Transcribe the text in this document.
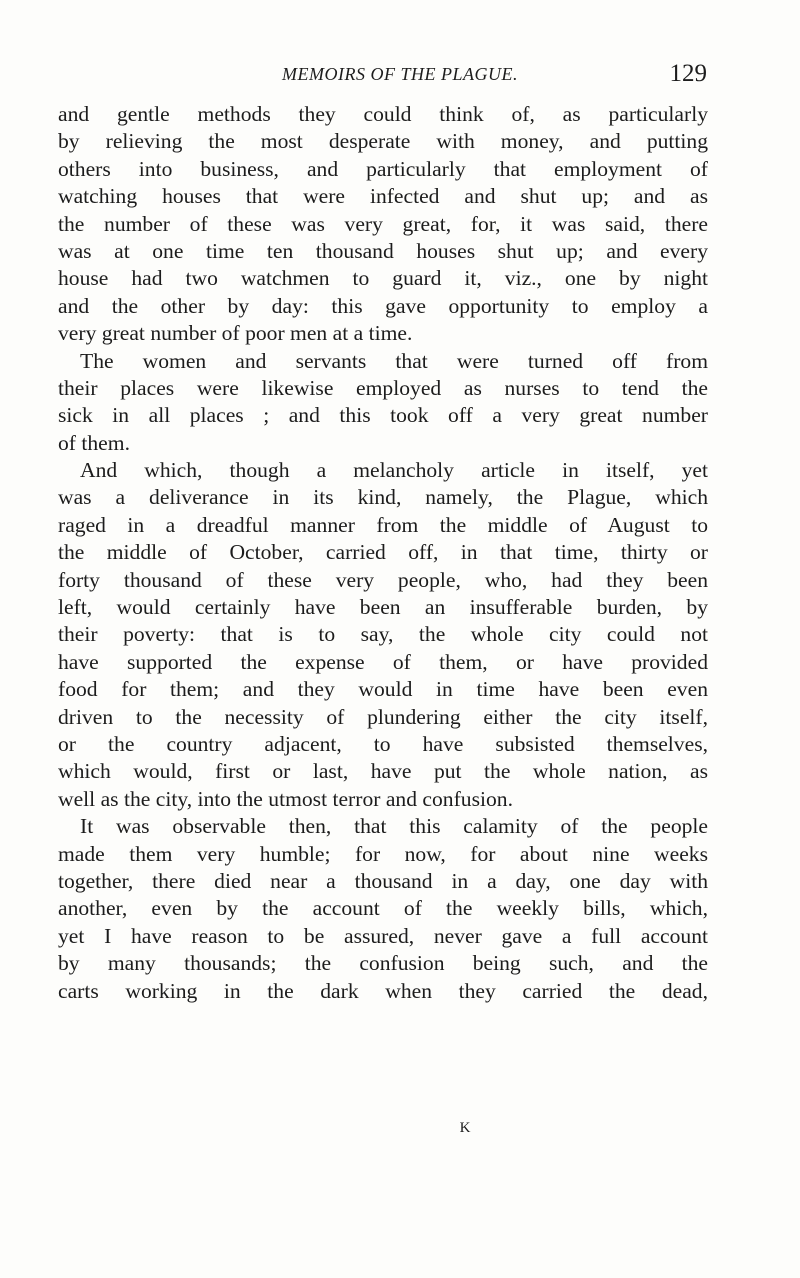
MEMOIRS OF THE PLAGUE.	129
and gentle methods they could think of, as particularly
by relieving the most desperate with money, and putting
others into business, and particularly that employment of
watching houses that were infected and shut up; and as
the number of these was very great, for, it was said, there
was at one time ten thousand houses shut up; and every
house had two watchmen to guard it, viz., one by night
and the other by day: this gave opportunity to employ a
very great number of poor men at a time.
The women and servants that were turned off from
their places were likewise employed as nurses to tend the
sick in all places ; and this took off a very great number
of them.
And which, though a melancholy article in itself, yet
was a deliverance in its kind, namely, the Plague, which
raged in a dreadful manner from the middle of August to
the middle of October, carried off, in that time, thirty or
forty thousand of these very people, who, had they been
left, would certainly have been an insufferable burden, by
their poverty: that is to say, the whole city could not
have supported the expense of them, or have provided
food for them; and they would in time have been even
driven to the necessity of plundering either the city itself,
or the country adjacent, to have subsisted themselves,
which would, first or last, have put the whole nation, as
well as the city, into the utmost terror and confusion.
It was observable then, that this calamity of the people
made them very humble; for now, for about nine weeks
together, there died near a thousand in a day, one day with
another, even by the account of the weekly bills, which,
yet I have reason to be assured, never gave a full account
by many thousands; the confusion being such, and the
carts working in the dark when they carried the dead,
K
